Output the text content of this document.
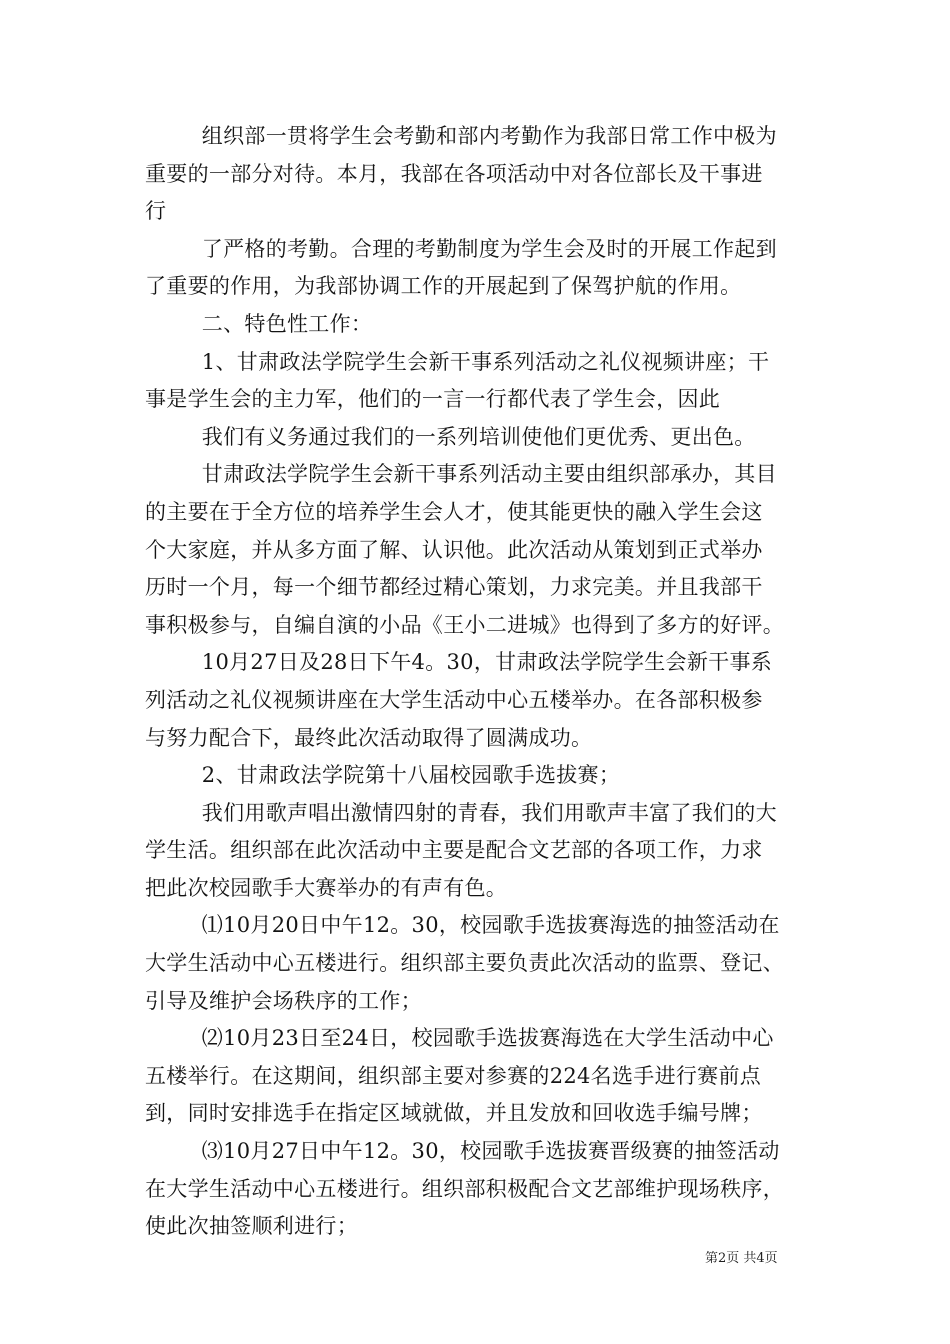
组织部一贯将学生会考勤和部内考勤作为我部日常工作中极为
重要的一部分对待。本月，我部在各项活动中对各位部长及干事进
行
了严格的考勤。合理的考勤制度为学生会及时的开展工作起到
了重要的作用，为我部协调工作的开展起到了保驾护航的作用。
二、特色性工作：
1、甘肃政法学院学生会新干事系列活动之礼仪视频讲座；干
事是学生会的主力军，他们的一言一行都代表了学生会，因此
我们有义务通过我们的一系列培训使他们更优秀、更出色。
甘肃政法学院学生会新干事系列活动主要由组织部承办，其目
的主要在于全方位的培养学生会人才，使其能更快的融入学生会这
个大家庭，并从多方面了解、认识他。此次活动从策划到正式举办
历时一个月，每一个细节都经过精心策划，力求完美。并且我部干
事积极参与，自编自演的小品《王小二进城》也得到了多方的好评。
10月27日及28日下午4。30，甘肃政法学院学生会新干事系
列活动之礼仪视频讲座在大学生活动中心五楼举办。在各部积极参
与努力配合下，最终此次活动取得了圆满成功。
2、甘肃政法学院第十八届校园歌手选拔赛；
我们用歌声唱出激情四射的青春，我们用歌声丰富了我们的大
学生活。组织部在此次活动中主要是配合文艺部的各项工作，力求
把此次校园歌手大赛举办的有声有色。
⑴10月20日中午12。30，校园歌手选拔赛海选的抽签活动在
大学生活动中心五楼进行。组织部主要负责此次活动的监票、登记、
引导及维护会场秩序的工作；
⑵10月23日至24日，校园歌手选拔赛海选在大学生活动中心
五楼举行。在这期间，组织部主要对参赛的224名选手进行赛前点
到，同时安排选手在指定区域就做，并且发放和回收选手编号牌；
⑶10月27日中午12。30，校园歌手选拔赛晋级赛的抽签活动
在大学生活动中心五楼进行。组织部积极配合文艺部维护现场秩序，
使此次抽签顺利进行；
第2页 共4页
